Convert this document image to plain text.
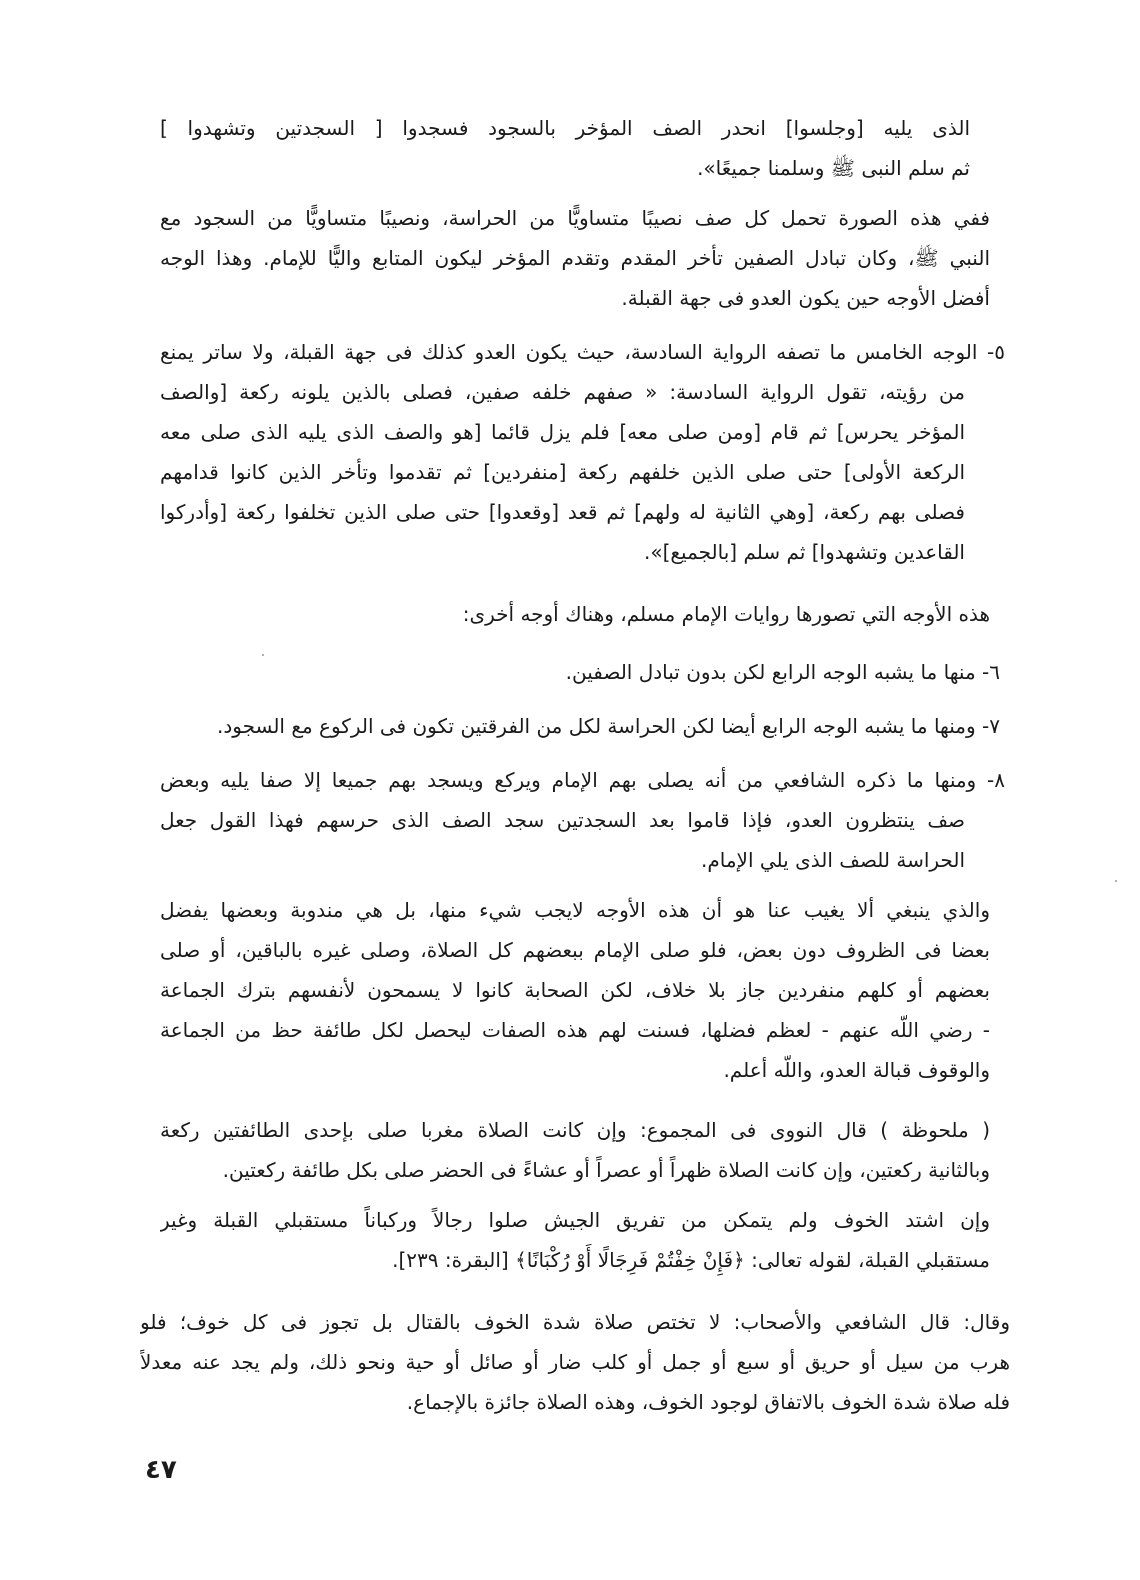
الذى يليه [وجلسوا] انحدر الصف المؤخر بالسجود فسجدوا [ السجدتين وتشهدوا ]
ثم سلم النبى ﷺ وسلمنا جميعًا».
ففي هذه الصورة تحمل كل صف نصيبًا متساويًّا من الحراسة، ونصيبًا متساويًّا من السجود مع
النبي ﷺ، وكان تبادل الصفين تأخر المقدم وتقدم المؤخر ليكون المتابع واليًّا للإمام. وهذا الوجه
أفضل الأوجه حين يكون العدو فى جهة القبلة.
٥- الوجه الخامس ما تصفه الرواية السادسة، حيث يكون العدو كذلك فى جهة القبلة، ولا ساتر يمنع
من رؤيته، تقول الرواية السادسة: « صفهم خلفه صفين، فصلى بالذين يلونه ركعة [والصف
المؤخر يحرس] ثم قام [ومن صلى معه] فلم يزل قائما [هو والصف الذى يليه الذى صلى معه
الركعة الأولى] حتى صلى الذين خلفهم ركعة [منفردين] ثم تقدموا وتأخر الذين كانوا قدامهم
فصلى بهم ركعة، [وهي الثانية له ولهم] ثم قعد [وقعدوا] حتى صلى الذين تخلفوا ركعة [وأدركوا
القاعدين وتشهدوا] ثم سلم [بالجميع]».
هذه الأوجه التي تصورها روايات الإمام مسلم، وهناك أوجه أخرى:
٦- منها ما يشبه الوجه الرابع لكن بدون تبادل الصفين.
٧- ومنها ما يشبه الوجه الرابع أيضا لكن الحراسة لكل من الفرقتين تكون فى الركوع مع السجود.
٨- ومنها ما ذكره الشافعي من أنه يصلى بهم الإمام ويركع ويسجد بهم جميعا إلا صفا يليه وبعض
صف ينتظرون العدو، فإذا قاموا بعد السجدتين سجد الصف الذى حرسهم فهذا القول جعل
الحراسة للصف الذى يلي الإمام.
والذي ينبغي ألا يغيب عنا هو أن هذه الأوجه لايجب شيء منها، بل هي مندوبة وبعضها يفضل
بعضا فى الظروف دون بعض، فلو صلى الإمام ببعضهم كل الصلاة، وصلى غيره بالباقين، أو صلى
بعضهم أو كلهم منفردين جاز بلا خلاف، لكن الصحابة كانوا لا يسمحون لأنفسهم بترك الجماعة
- رضي اللّه عنهم - لعظم فضلها، فسنت لهم هذه الصفات ليحصل لكل طائفة حظ من الجماعة
والوقوف قبالة العدو، واللّه أعلم.
( ملحوظة ) قال النووى فى المجموع: وإن كانت الصلاة مغربا صلى بإحدى الطائفتين ركعة
وبالثانية ركعتين، وإن كانت الصلاة ظهراً أو عصراً أو عشاءً فى الحضر صلى بكل طائفة ركعتين.
وإن اشتد الخوف ولم يتمكن من تفريق الجيش صلوا رجالاً وركباناً مستقبلي القبلة وغير
مستقبلي القبلة، لقوله تعالى: ﴿فَإِنْ خِفْتُمْ فَرِجَالًا أَوْ رُكْبَانًا﴾ [البقرة: ٢٣٩].
وقال: قال الشافعي والأصحاب: لا تختص صلاة شدة الخوف بالقتال بل تجوز فى كل خوف؛ فلو
هرب من سيل أو حريق أو سبع أو جمل أو كلب ضار أو صائل أو حية ونحو ذلك، ولم يجد عنه معدلاً
فله صلاة شدة الخوف بالاتفاق لوجود الخوف، وهذه الصلاة جائزة بالإجماع.
٤٧
